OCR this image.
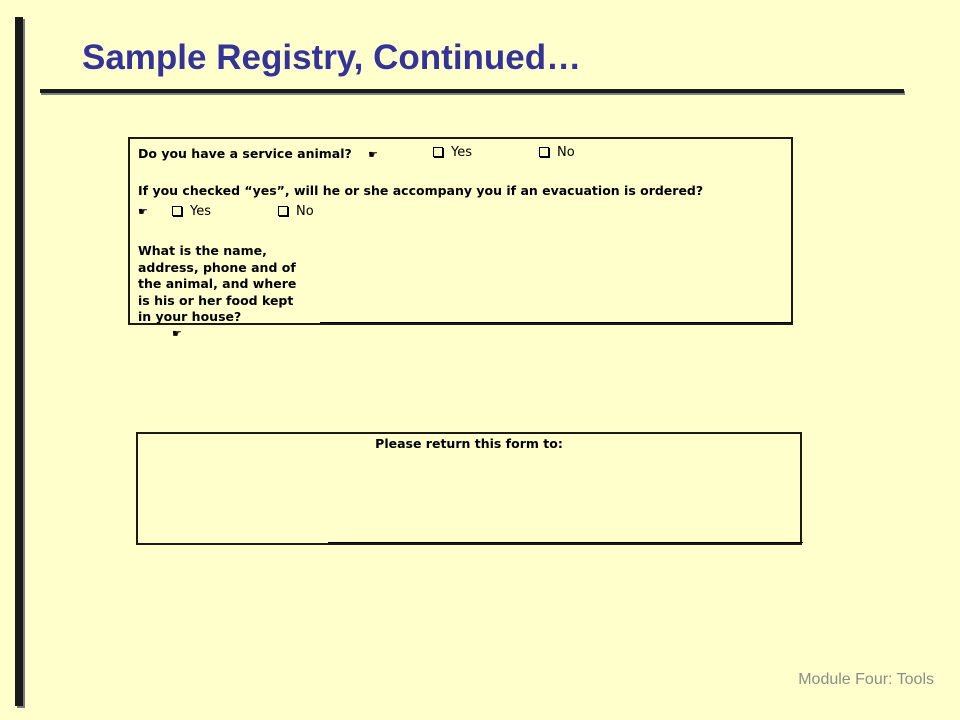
Sample Registry, Continued…
Do you have a service animal? ☛	Yes	No
If you checked “yes”, will he or she accompany you if an evacuation is ordered?
☛	Yes	No
What is the name,
address, phone and of
the animal, and where
is his or her food kept
in your house?
☛
Please return this form to:
Module Four: Tools
